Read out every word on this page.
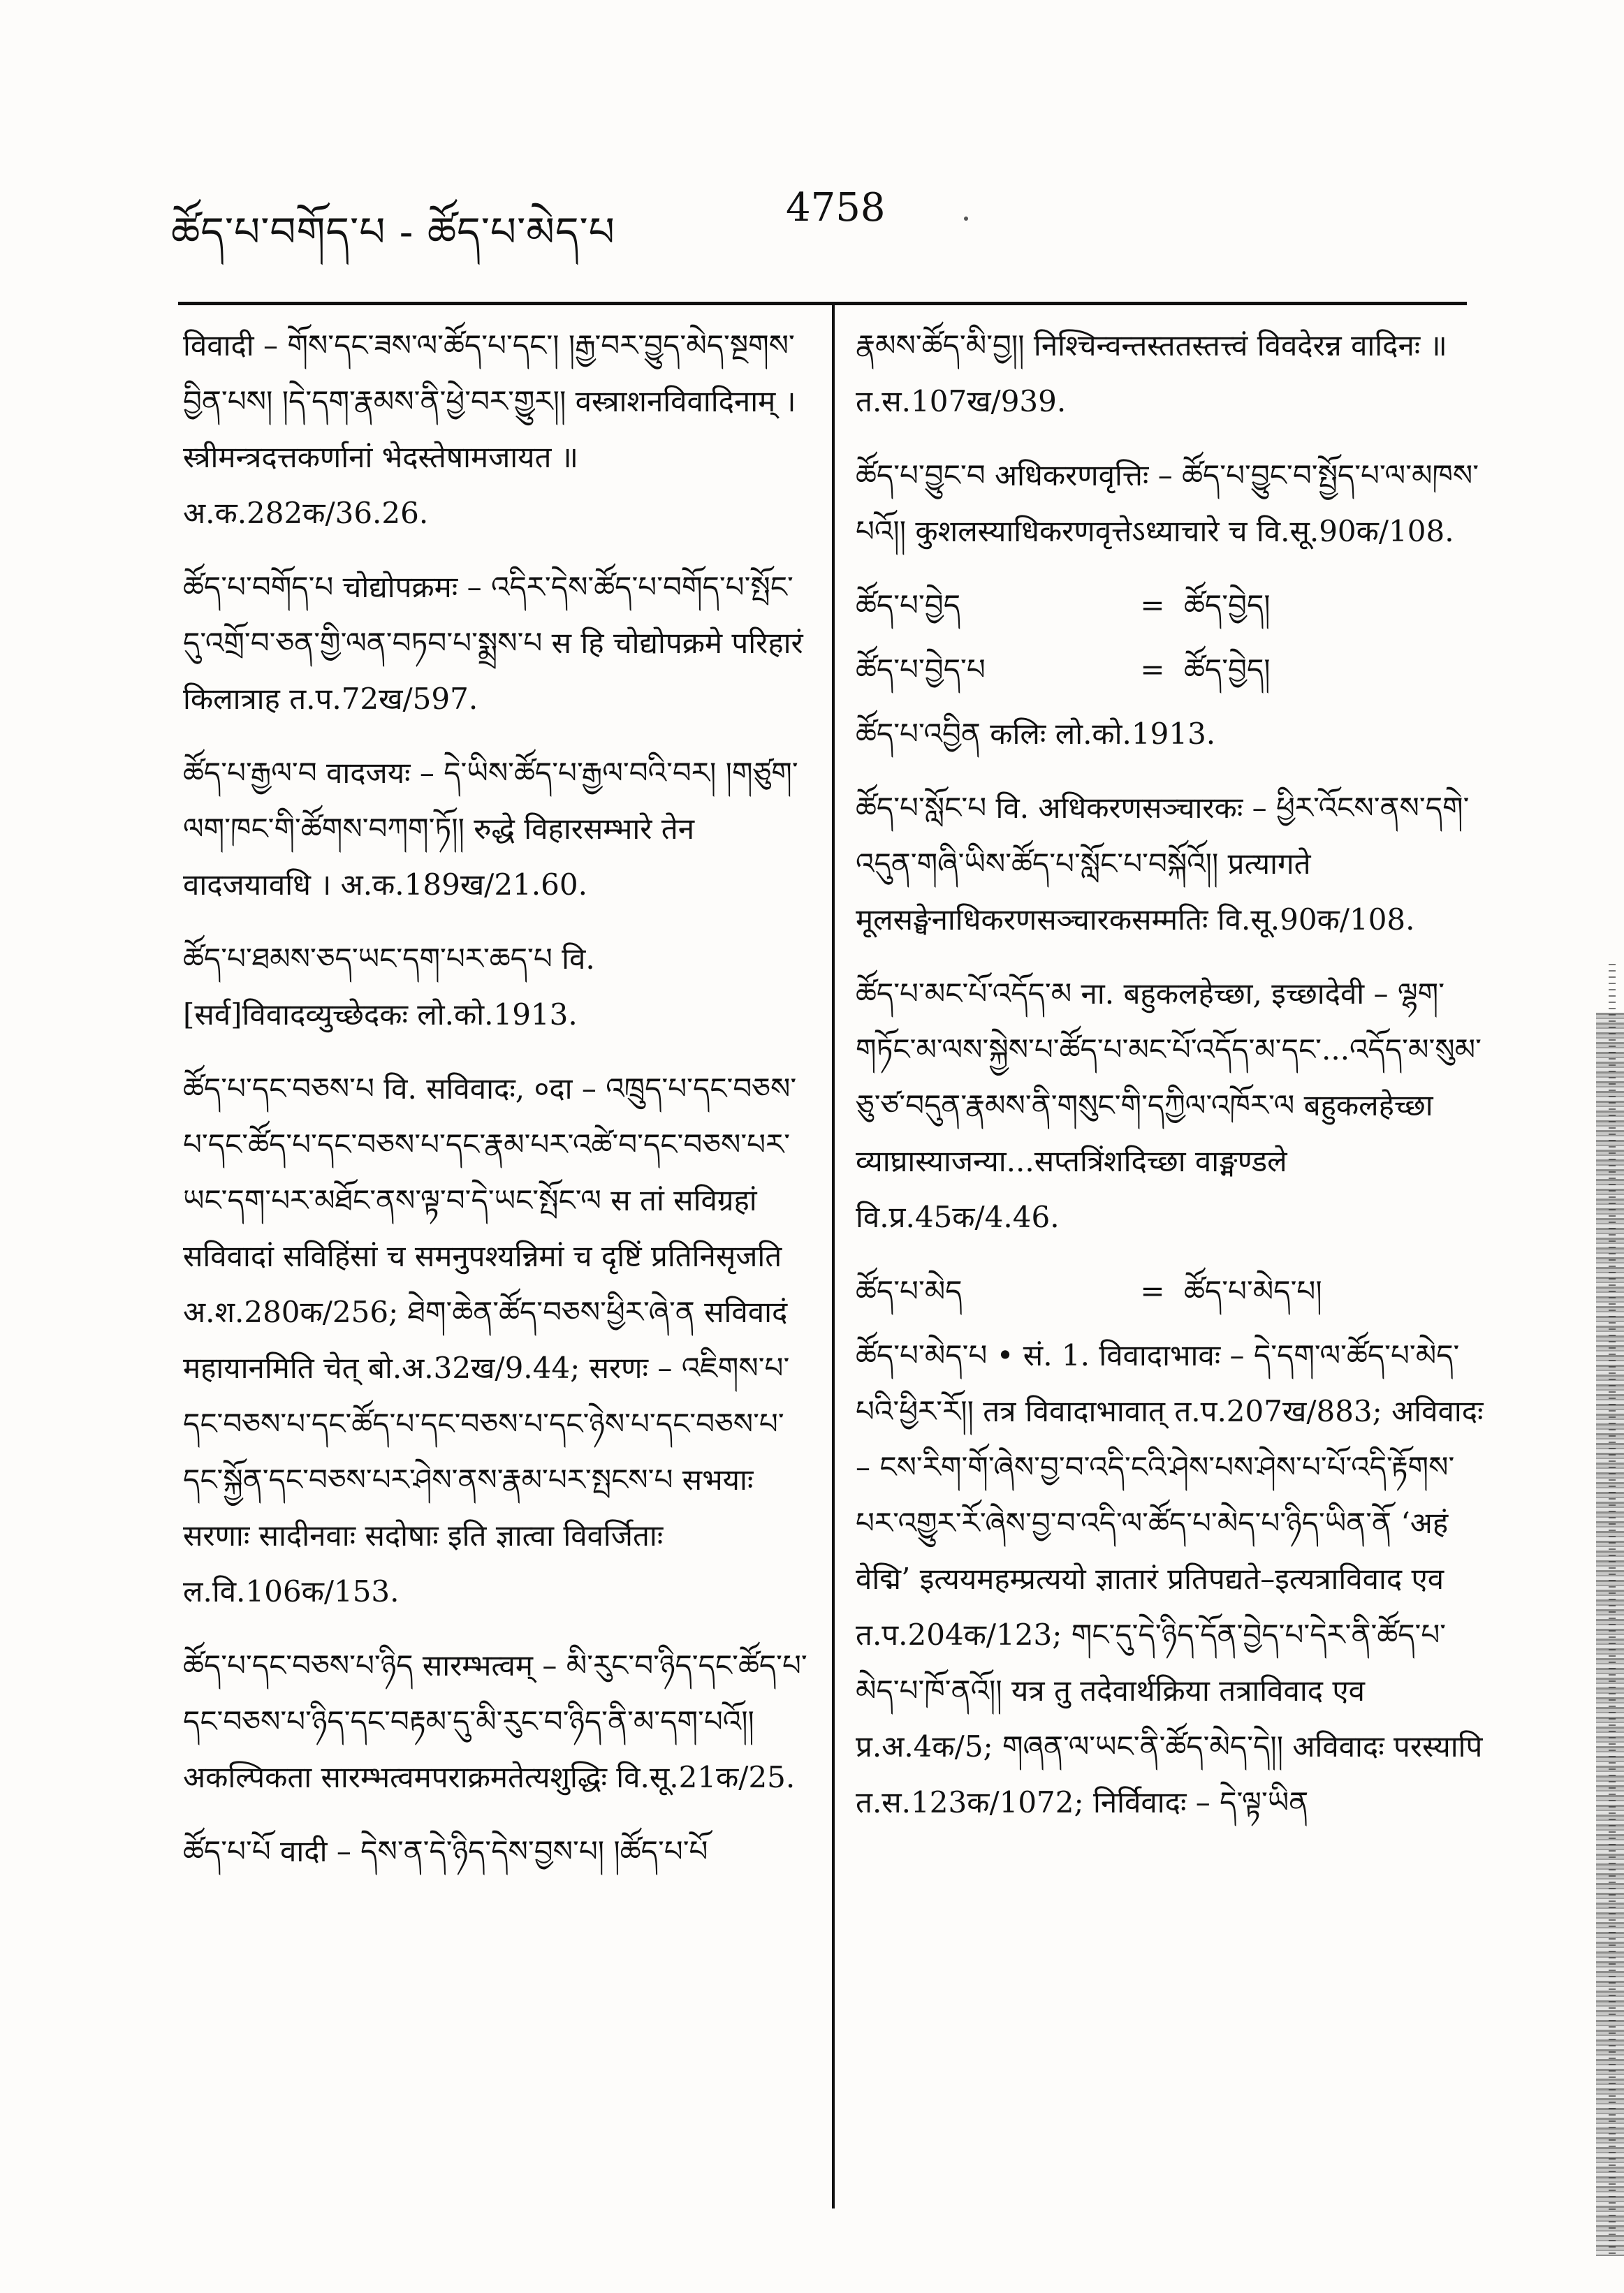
ཚོད་པ་བགོད་པ - ཚོད་པ་མེད་པ
4758

विवादी – གོས་དང་ཟས་ལ་ཚོད་པ་དང་། །རྒྱ་བར་བྱུད་མེད་སྔགས་བྱིན་པས། །དེ་དག་རྣམས་ནི་ཕྱེ་བར་གྱུར།། वस्त्राशनविवादिनाम् । स्त्रीमन्त्रदत्तकर्णानां भेदस्तेषामजायत ॥ अ.क.282क/36.26.

ཚོད་པ་བགོད་པ चोद्योपक्रमः – འདིར་དེས་ཚོད་པ་བགོད་པ་སྤོང་དུ་འགྲོ་བ་ཅན་གྱི་ལན་བཏབ་པ་སྨྲས་པ स हि चोद्योपक्रमे परिहारं किलात्राह त.प.72ख/597.

ཚོད་པ་རྒྱལ་བ वादजयः – དེ་ཡིས་ཚོད་པ་རྒྱལ་བའི་བར། །གཙུག་ལག་ཁང་གི་ཚོགས་བཀག་ཏོ།། रुद्धे विहारसम्भारे तेन वादजयावधि । अ.क.189ख/21.60.

ཚོད་པ་ཐམས་ཅད་ཡང་དག་པར་ཆད་པ वि. [सर्व]विवादव्युच्छेदकः लो.को.1913.

ཚོད་པ་དང་བཅས་པ वि. सविवादः, ०दा – འཁྲུད་པ་དང་བཅས་པ་དང་ཚོད་པ་དང་བཅས་པ་དང་རྣམ་པར་འཚེ་བ་དང་བཅས་པར་ཡང་དག་པར་མཐོང་ནས་ལྟ་བ་དེ་ཡང་སྤོང་ལ स तां सविग्रहां सविवादां सविहिंसां च समनुपश्यन्निमां च दृष्टिं प्रतिनिसृजति अ.श.280क/256; ཐེག་ཆེན་ཚོད་བཅས་ཕྱིར་ཞེ་ན सविवादं महायानमिति चेत् बो.अ.32ख/9.44; सरणः – འཇིགས་པ་དང་བཅས་པ་དང་ཚོད་པ་དང་བཅས་པ་དང་ཉེས་པ་དང་བཅས་པ་དང་སྐྱོན་དང་བཅས་པར་ཤེས་ནས་རྣམ་པར་སྤངས་པ सभयाः सरणाः सादीनवाः सदोषाः इति ज्ञात्वा विवर्जिताः ल.वि.106क/153.

ཚོད་པ་དང་བཅས་པ་ཉིད सारम्भत्वम् – མི་རུང་བ་ཉིད་དང་ཚོད་པ་དང་བཅས་པ་ཉིད་དང་བརྟམ་དུ་མི་རུང་བ་ཉིད་ནི་མ་དག་པའོ།། अकल्पिकता सारम्भत्वमपराक्रमतेत्यशुद्धिः वि.सू.21क/25.

ཚོད་པ་པོ वादी – དེས་ན་དེ་ཉིད་དེས་བྱས་པ། །ཚོད་པ་པོ

རྣམས་ཚོད་མི་བྱ།། निश्चिन्वन्तस्ततस्तत्त्वं विवदेरन्न वादिनः ॥ त.स.107ख/939.

ཚོད་པ་བྱུང་བ अधिकरणवृत्तिः – ཚོད་པ་བྱུང་བ་སྤྱོད་པ་ལ་མཁས་པའོ།། कुशलस्याधिकरणवृत्तेऽध्याचारे च वि.सू.90क/108.

ཚོད་པ་བྱེད	= ཚོད་བྱེད།
ཚོད་པ་བྱེད་པ	= ཚོད་བྱེད།

ཚོད་པ་འབྱིན कलिः लो.को.1913.

ཚོད་པ་སློང་པ वि. अधिकरणसञ्चारकः – ཕྱིར་འོངས་ནས་དགེ་འདུན་གཞི་ཡིས་ཚོད་པ་སློང་པ་བསྐོའོ།། प्रत्यागते मूलसङ्घेनाधिकरणसञ्चारकसम्मतिः वि.सू.90क/108.

ཚོད་པ་མང་པོ་འདོད་མ ना. बहुकलहेच्छा, इच्छादेवी – ལྷག་གཏོང་མ་ལས་སྐྱེས་པ་ཚོད་པ་མང་པོ་འདོད་མ་དང་...འདོད་མ་སུམ་ཅུ་ཙ་བདུན་རྣམས་ནི་གསུང་གི་དཀྱིལ་འཁོར་ལ बहुकलहेच्छा व्याघ्रास्याजन्या...सप्तत्रिंशदिच्छा वाङ्मण्डले वि.प्र.45क/4.46.

ཚོད་པ་མེད	= ཚོད་པ་མེད་པ།

ཚོད་པ་མེད་པ • सं. 1. विवादाभावः – དེ་དག་ལ་ཚོད་པ་མེད་པའི་ཕྱིར་རོ།། तत्र विवादाभावात् त.प.207ख/883; अविवादः – ངས་རིག་གོ་ཞེས་བྱ་བ་འདི་ངའི་ཤེས་པས་ཤེས་པ་པོ་འདི་རྟོགས་པར་འགྱུར་རོ་ཞེས་བྱ་བ་འདི་ལ་ཚོད་པ་མེད་པ་ཉིད་ཡིན་ནོ ‘अहं वेद्मि’ इत्ययमहम्प्रत्ययो ज्ञातारं प्रतिपद्यते–इत्यत्राविवाद एव त.प.204क/123; གང་དུ་དེ་ཉིད་དོན་བྱེད་པ་དེར་ནི་ཚོད་པ་མེད་པ་ཁོ་ནའོ།། यत्र तु तदेवार्थक्रिया तत्राविवाद एव प्र.अ.4क/5; གཞན་ལ་ཡང་ནི་ཚོད་མེད་དེ།། अविवादः परस्यापि त.स.123क/1072; निर्विवादः – དེ་ལྟ་ཡིན
